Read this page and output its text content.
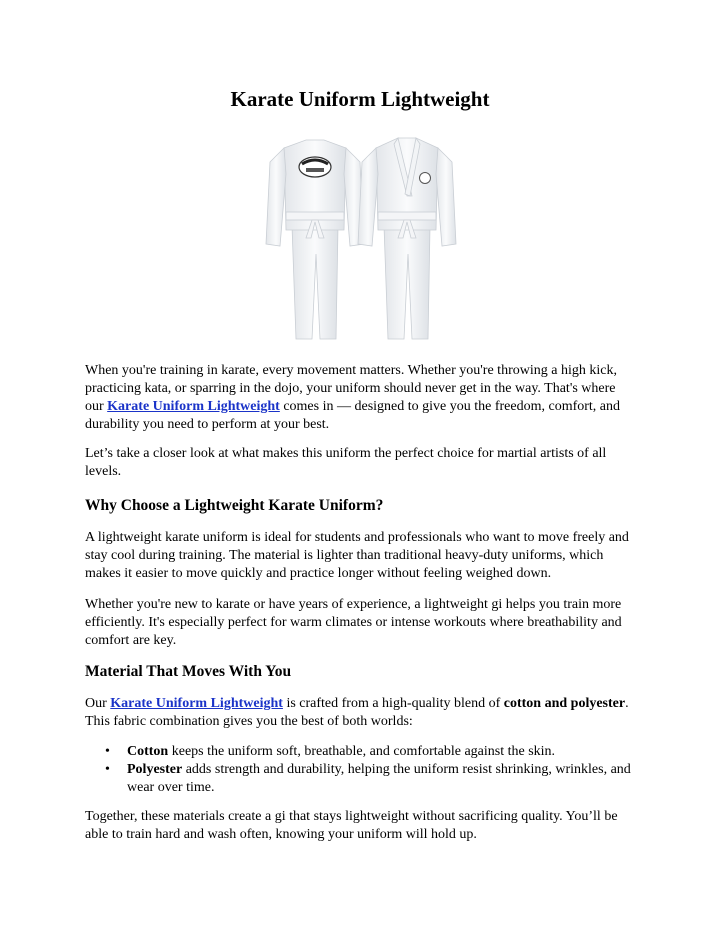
Karate Uniform Lightweight

When you're training in karate, every movement matters. Whether you're throwing a high kick, practicing kata, or sparring in the dojo, your uniform should never get in the way. That's where our Karate Uniform Lightweight comes in — designed to give you the freedom, comfort, and durability you need to perform at your best.

Let’s take a closer look at what makes this uniform the perfect choice for martial artists of all levels.

Why Choose a Lightweight Karate Uniform?

A lightweight karate uniform is ideal for students and professionals who want to move freely and stay cool during training. The material is lighter than traditional heavy-duty uniforms, which makes it easier to move quickly and practice longer without feeling weighed down.

Whether you're new to karate or have years of experience, a lightweight gi helps you train more efficiently. It's especially perfect for warm climates or intense workouts where breathability and comfort are key.

Material That Moves With You

Our Karate Uniform Lightweight is crafted from a high-quality blend of cotton and polyester. This fabric combination gives you the best of both worlds:

• Cotton keeps the uniform soft, breathable, and comfortable against the skin.
• Polyester adds strength and durability, helping the uniform resist shrinking, wrinkles, and wear over time.

Together, these materials create a gi that stays lightweight without sacrificing quality. You’ll be able to train hard and wash often, knowing your uniform will hold up.
